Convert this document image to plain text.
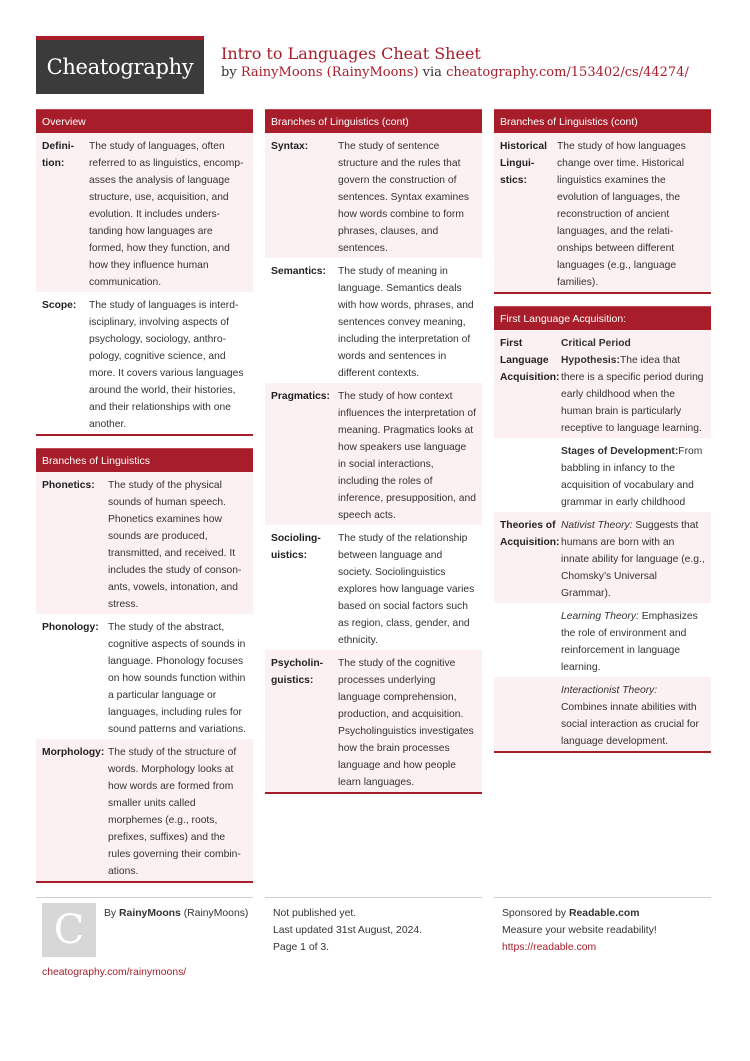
Cheatography
Intro to Languages Cheat Sheet
by RainyMoons (RainyMoons) via cheatography.com/153402/cs/44274/
Overview
Definition:
The study of languages, often referred to as linguistics, encompasses the analysis of language structure, use, acquisition, and evolution. It includes understanding how languages are formed, how they function, and how they influence human communication.
Scope:	The study of languages is interdisciplinary, involving aspects of psychology, sociology, anthropology, cognitive science, and more. It covers various languages around the world, their histories, and their relationships with one another.
Branches of Linguistics
Phonetics:	The study of the physical sounds of human speech. Phonetics examines how sounds are produced, transmitted, and received. It includes the study of consonants, vowels, intonation, and stress.
Phonology: The study of the abstract, cognitive aspects of sounds in language. Phonology focuses on how sounds function within a particular language or languages, including rules for sound patterns and variations.
Morphology: The study of the structure of words. Morphology looks at how words are formed from smaller units called morphemes (e.g., roots, prefixes, suffixes) and the rules governing their combinations.
Branches of Linguistics (cont)
Syntax:	The study of sentence structure and the rules that govern the construction of sentences. Syntax examines how words combine to form phrases, clauses, and sentences.
Semantics:	The study of meaning in language. Semantics deals with how words, phrases, and sentences convey meaning, including the interpretation of words and sentences in different contexts.
Pragmatics: The study of how context influences the interpretation of meaning. Pragmatics looks at how speakers use language in social interactions, including the roles of inference, presupposition, and speech acts.
Sociolinguistics:
The study of the relationship between language and society. Sociolinguistics explores how language varies based on social factors such as region, class, gender, and ethnicity.
Psycholinguistics:
The study of the cognitive processes underlying language comprehension, production, and acquisition. Psycholinguistics investigates how the brain processes language and how people learn languages.
Branches of Linguistics (cont)
Historical Linguistics:
The study of how languages change over time. Historical linguistics examines the evolution of languages, the reconstruction of ancient languages, and the relationships between different languages (e.g., language families).
First Language Acquisition:
First Language Acquisition:
Critical Period Hypothesis:The idea that there is a specific period during early childhood when the human brain is particularly receptive to language learning.
Stages of Development:From babbling in infancy to the acquisition of vocabulary and grammar in early childhood
Theories of Acquisition:
Nativist Theory: Suggests that humans are born with an innate ability for language (e.g., Chomsky’s Universal Grammar).
Learning Theory: Emphasizes the role of environment and reinforcement in language learning.
Interactionist Theory:
Combines innate abilities with social interaction as crucial for language development.
C	By RainyMoons (RainyMoons)
cheatography.com/rainymoons/
Not published yet.
Last updated 31st August, 2024.
Page 1 of 3.
Sponsored by Readable.com
Measure your website readability!
https://readable.com
